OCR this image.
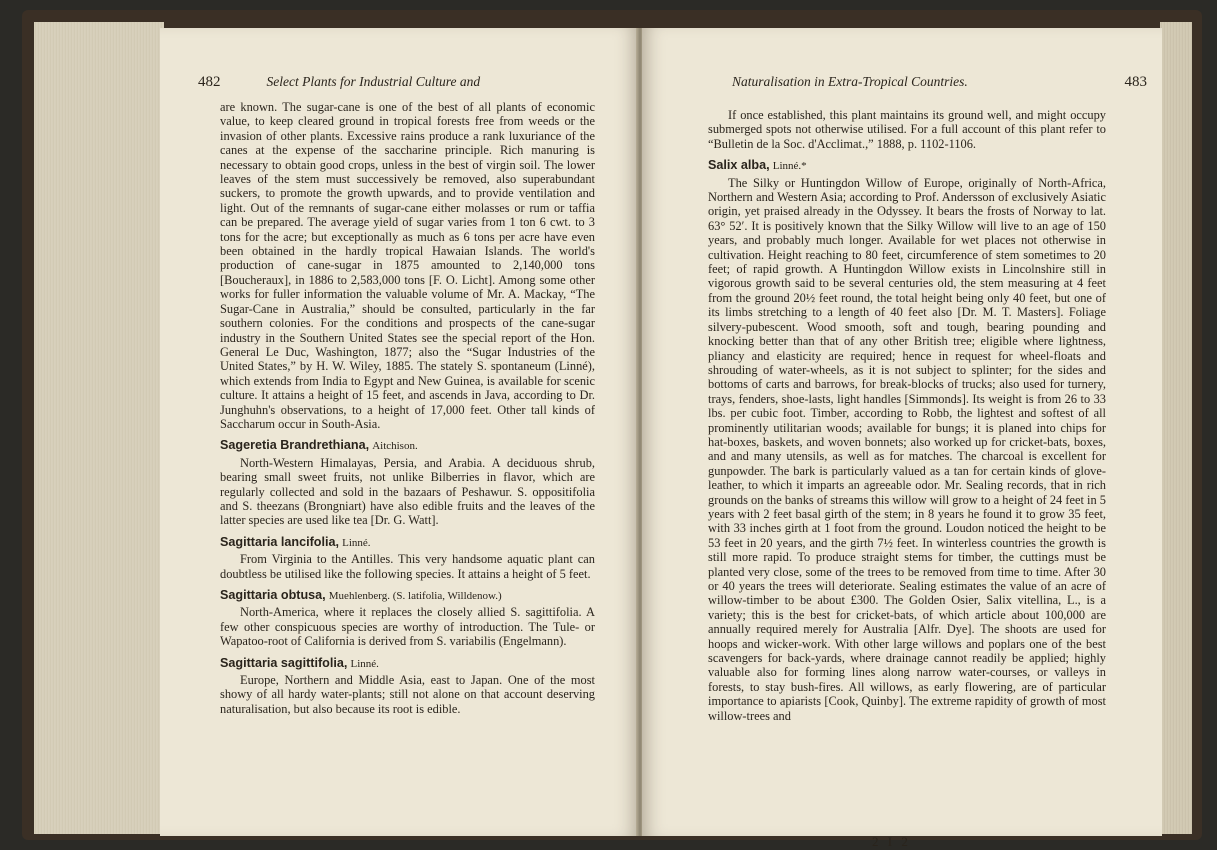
482	Select Plants for Industrial Culture and

are known. The sugar-cane is one of the best of all plants of economic value, to keep cleared ground in tropical forests free from weeds or the invasion of other plants. Excessive rains produce a rank luxuriance of the canes at the expense of the saccharine principle. Rich manuring is necessary to obtain good crops, unless in the best of virgin soil. The lower leaves of the stem must successively be removed, also superabundant suckers, to promote the growth upwards, and to provide ventilation and light. Out of the remnants of sugar-cane either molasses or rum or taffia can be prepared. The average yield of sugar varies from 1 ton 6 cwt. to 3 tons for the acre; but exceptionally as much as 6 tons per acre have even been obtained in the hardly tropical Hawaian Islands. The world's production of cane-sugar in 1875 amounted to 2,140,000 tons [Boucheraux], in 1886 to 2,583,000 tons [F. O. Licht]. Among some other works for fuller information the valuable volume of Mr. A. Mackay, “The Sugar-Cane in Australia,” should be consulted, particularly in the far southern colonies. For the conditions and prospects of the cane-sugar industry in the Southern United States see the special report of the Hon. General Le Duc, Washington, 1877; also the “Sugar Industries of the United States,” by H. W. Wiley, 1885. The stately S. spontaneum (Linné), which extends from India to Egypt and New Guinea, is available for scenic culture. It attains a height of 15 feet, and ascends in Java, according to Dr. Junghuhn's observations, to a height of 17,000 feet. Other tall kinds of Saccharum occur in South-Asia.

Sageretia Brandrethiana, Aitchison.

North-Western Himalayas, Persia, and Arabia. A deciduous shrub, bearing small sweet fruits, not unlike Bilberries in flavor, which are regularly collected and sold in the bazaars of Peshawur. S. oppositifolia and S. theezans (Brongniart) have also edible fruits and the leaves of the latter species are used like tea [Dr. G. Watt].

Sagittaria lancifolia, Linné.

From Virginia to the Antilles. This very handsome aquatic plant can doubtless be utilised like the following species. It attains a height of 5 feet.

Sagittaria obtusa, Muehlenberg. (S. latifolia, Willdenow.)

North-America, where it replaces the closely allied S. sagittifolia. A few other conspicuous species are worthy of introduction. The Tule- or Wapatoo-root of California is derived from S. variabilis (Engelmann).

Sagittaria sagittifolia, Linné.

Europe, Northern and Middle Asia, east to Japan. One of the most showy of all hardy water-plants; still not alone on that account deserving naturalisation, but also because its root is edible.

Naturalisation in Extra-Tropical Countries.	483

If once established, this plant maintains its ground well, and might occupy submerged spots not otherwise utilised. For a full account of this plant refer to “Bulletin de la Soc. d'Acclimat.,” 1888, p. 1102-1106.

Salix alba, Linné.*

The Silky or Huntingdon Willow of Europe, originally of North-Africa, Northern and Western Asia; according to Prof. Andersson of exclusively Asiatic origin, yet praised already in the Odyssey. It bears the frosts of Norway to lat. 63° 52′. It is positively known that the Silky Willow will live to an age of 150 years, and probably much longer. Available for wet places not otherwise in cultivation. Height reaching to 80 feet, circumference of stem sometimes to 20 feet; of rapid growth. A Huntingdon Willow exists in Lincolnshire still in vigorous growth said to be several centuries old, the stem measuring at 4 feet from the ground 20½ feet round, the total height being only 40 feet, but one of its limbs stretching to a length of 40 feet also [Dr. M. T. Masters]. Foliage silvery-pubescent. Wood smooth, soft and tough, bearing pounding and knocking better than that of any other British tree; eligible where lightness, pliancy and elasticity are required; hence in request for wheel-floats and shrouding of water-wheels, as it is not subject to splinter; for the sides and bottoms of carts and barrows, for break-blocks of trucks; also used for turnery, trays, fenders, shoe-lasts, light handles [Simmonds]. Its weight is from 26 to 33 lbs. per cubic foot. Timber, according to Robb, the lightest and softest of all prominently utilitarian woods; available for bungs; it is planed into chips for hat-boxes, baskets, and woven bonnets; also worked up for cricket-bats, boxes, and and many utensils, as well as for matches. The charcoal is excellent for gunpowder. The bark is particularly valued as a tan for certain kinds of glove-leather, to which it imparts an agreeable odor. Mr. Sealing records, that in rich grounds on the banks of streams this willow will grow to a height of 24 feet in 5 years with 2 feet basal girth of the stem; in 8 years he found it to grow 35 feet, with 33 inches girth at 1 foot from the ground. Loudon noticed the height to be 53 feet in 20 years, and the girth 7½ feet. In winterless countries the growth is still more rapid. To produce straight stems for timber, the cuttings must be planted very close, some of the trees to be removed from time to time. After 30 or 40 years the trees will deteriorate. Sealing estimates the value of an acre of willow-timber to be about £300. The Golden Osier, Salix vitellina, L., is a variety; this is the best for cricket-bats, of which article about 100,000 are annually required merely for Australia [Alfr. Dye]. The shoots are used for hoops and wicker-work. With other large willows and poplars one of the best scavengers for back-yards, where drainage cannot readily be applied; highly valuable also for forming lines along narrow water-courses, or valleys in forests, to stay bush-fires. All willows, as early flowering, are of particular importance to apiarists [Cook, Quinby]. The extreme rapidity of growth of most willow-trees and

2 I 2
